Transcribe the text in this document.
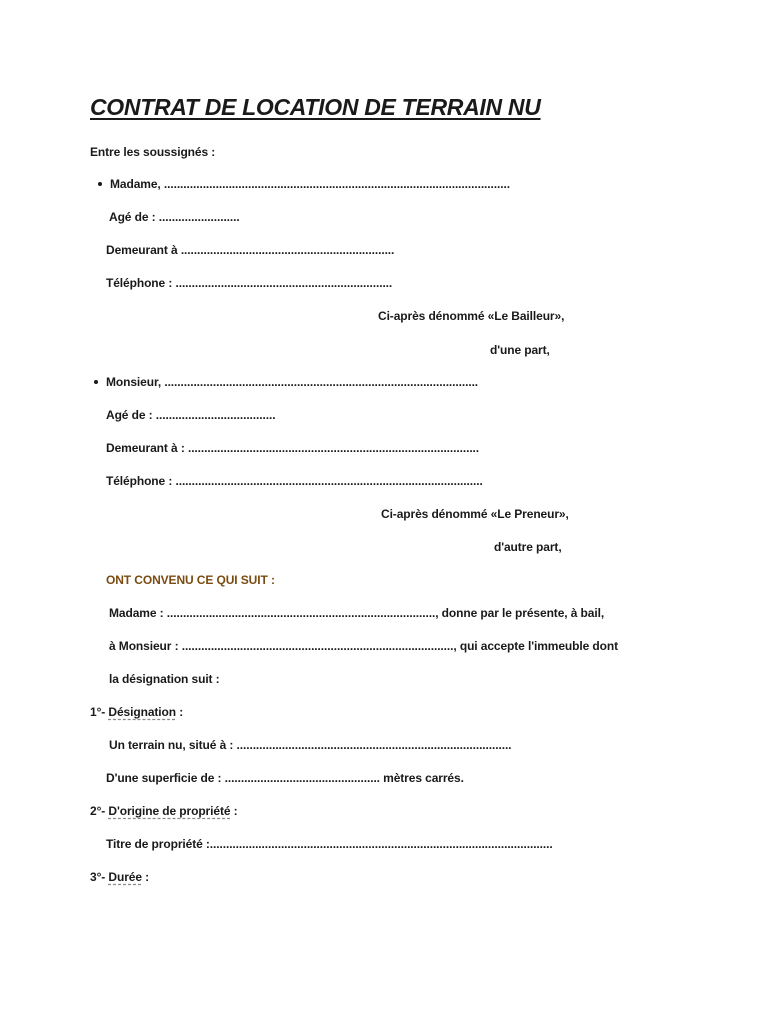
CONTRAT DE LOCATION DE TERRAIN NU
Entre les soussignés :
Madame, ...........................................................................................................
Agé de : .........................
Demeurant à ..................................................................
Téléphone : ...................................................................
Ci-après dénommé «Le Bailleur»,
d'une part,
Monsieur, .................................................................................................
Agé de : .....................................
Demeurant à : ..........................................................................................
Téléphone : ...............................................................................................
Ci-après dénommé «Le Preneur»,
d'autre part,
ONT CONVENU CE QUI SUIT :
Madame : ..................................................................................., donne par le présente, à bail,
à Monsieur : ...................................................................................., qui accepte l'immeuble dont
la désignation suit :
1°- Désignation :
Un terrain nu, situé à : .....................................................................................
D'une superficie de : ................................................ mètres carrés.
2°- D'origine de propriété :
Titre de propriété :..........................................................................................................
3°- Durée :
